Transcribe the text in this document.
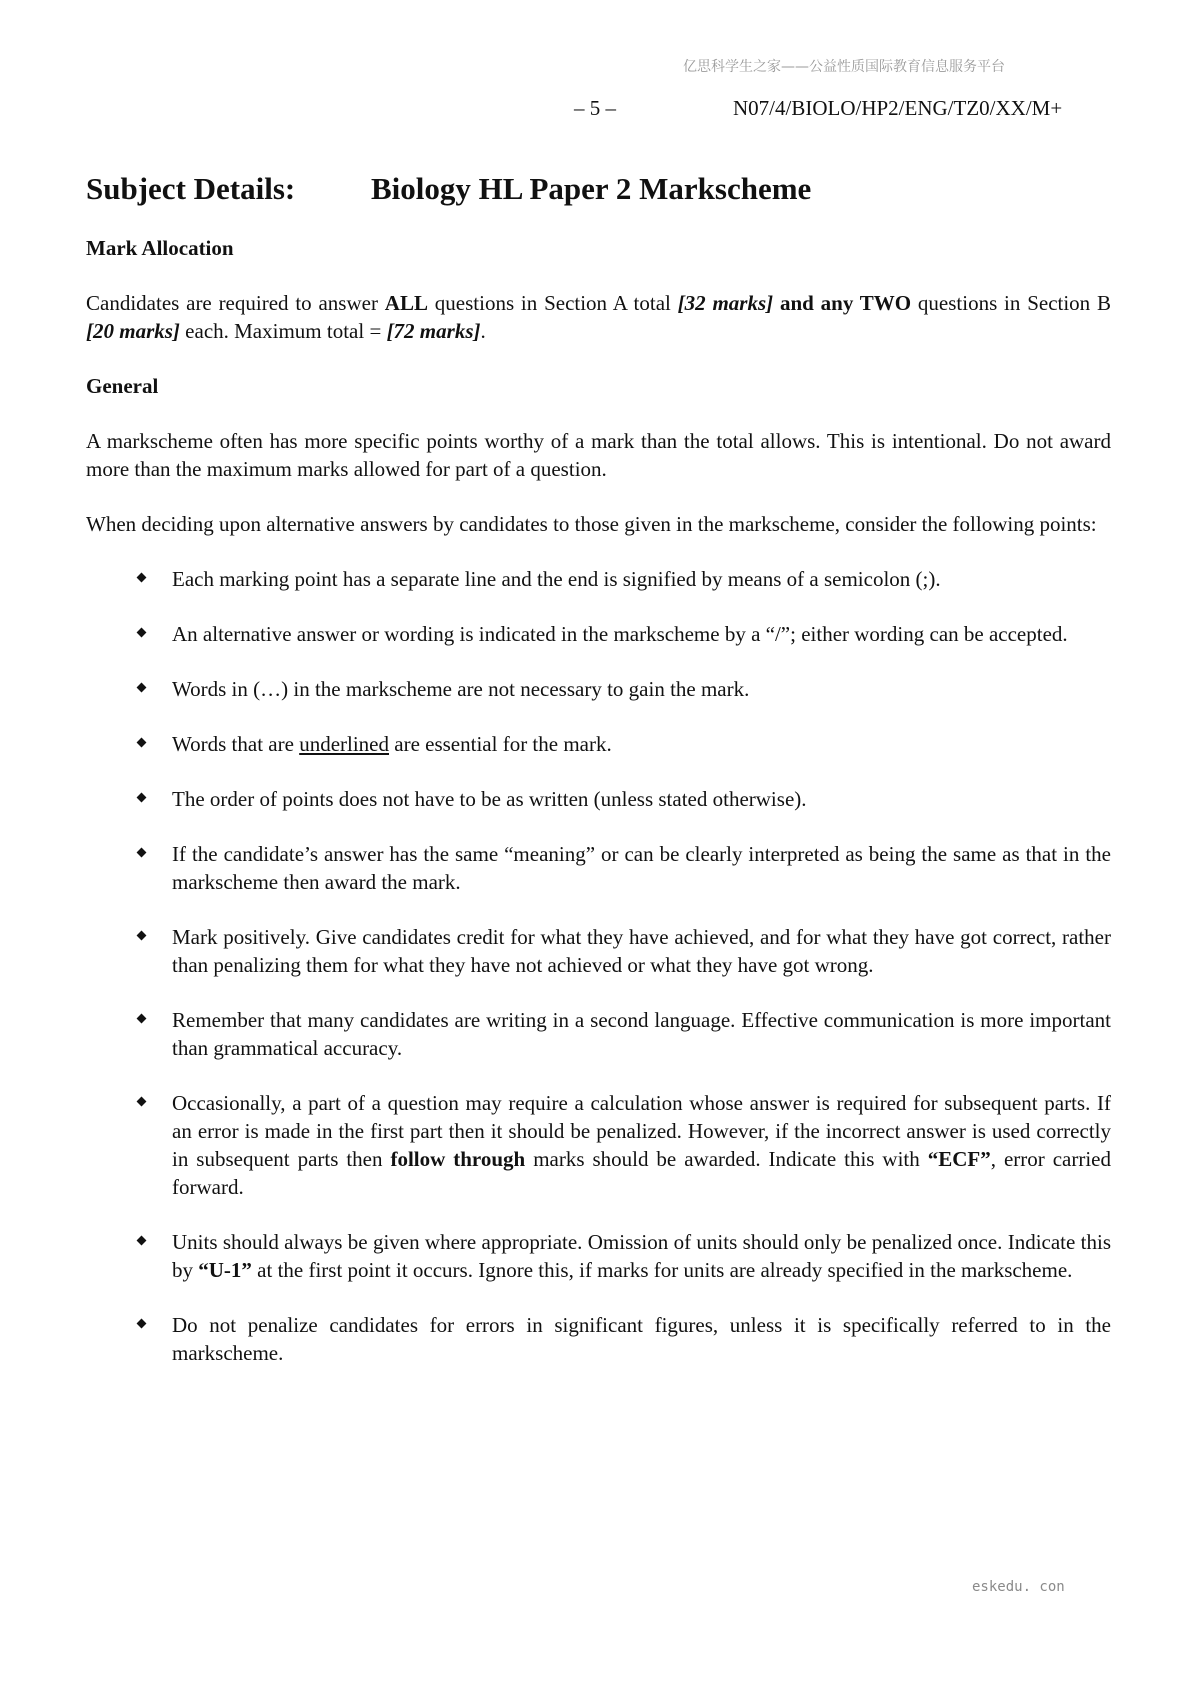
亿思科学生之家——公益性质国际教育信息服务平台
– 5 –	N07/4/BIOLO/HP2/ENG/TZ0/XX/M+
Subject Details: Biology HL Paper 2 Markscheme
Mark Allocation

Candidates are required to answer ALL questions in Section A total [32 marks] and any TWO questions in Section B [20 marks] each. Maximum total = [72 marks].

General

A markscheme often has more specific points worthy of a mark than the total allows. This is intentional. Do not award more than the maximum marks allowed for part of a question.

When deciding upon alternative answers by candidates to those given in the markscheme, consider the following points:

Each marking point has a separate line and the end is signified by means of a semicolon (;).

An alternative answer or wording is indicated in the markscheme by a “/”; either wording can be accepted.

Words in (…) in the markscheme are not necessary to gain the mark.

Words that are underlined are essential for the mark.

The order of points does not have to be as written (unless stated otherwise).

If the candidate’s answer has the same “meaning” or can be clearly interpreted as being the same as that in the markscheme then award the mark.

Mark positively. Give candidates credit for what they have achieved, and for what they have got correct, rather than penalizing them for what they have not achieved or what they have got wrong.

Remember that many candidates are writing in a second language. Effective communication is more important than grammatical accuracy.

Occasionally, a part of a question may require a calculation whose answer is required for subsequent parts. If an error is made in the first part then it should be penalized. However, if the incorrect answer is used correctly in subsequent parts then follow through marks should be awarded. Indicate this with “ECF”, error carried forward.

Units should always be given where appropriate. Omission of units should only be penalized once. Indicate this by “U-1” at the first point it occurs. Ignore this, if marks for units are already specified in the markscheme.

Do not penalize candidates for errors in significant figures, unless it is specifically referred to in the markscheme.

eskedu. con
